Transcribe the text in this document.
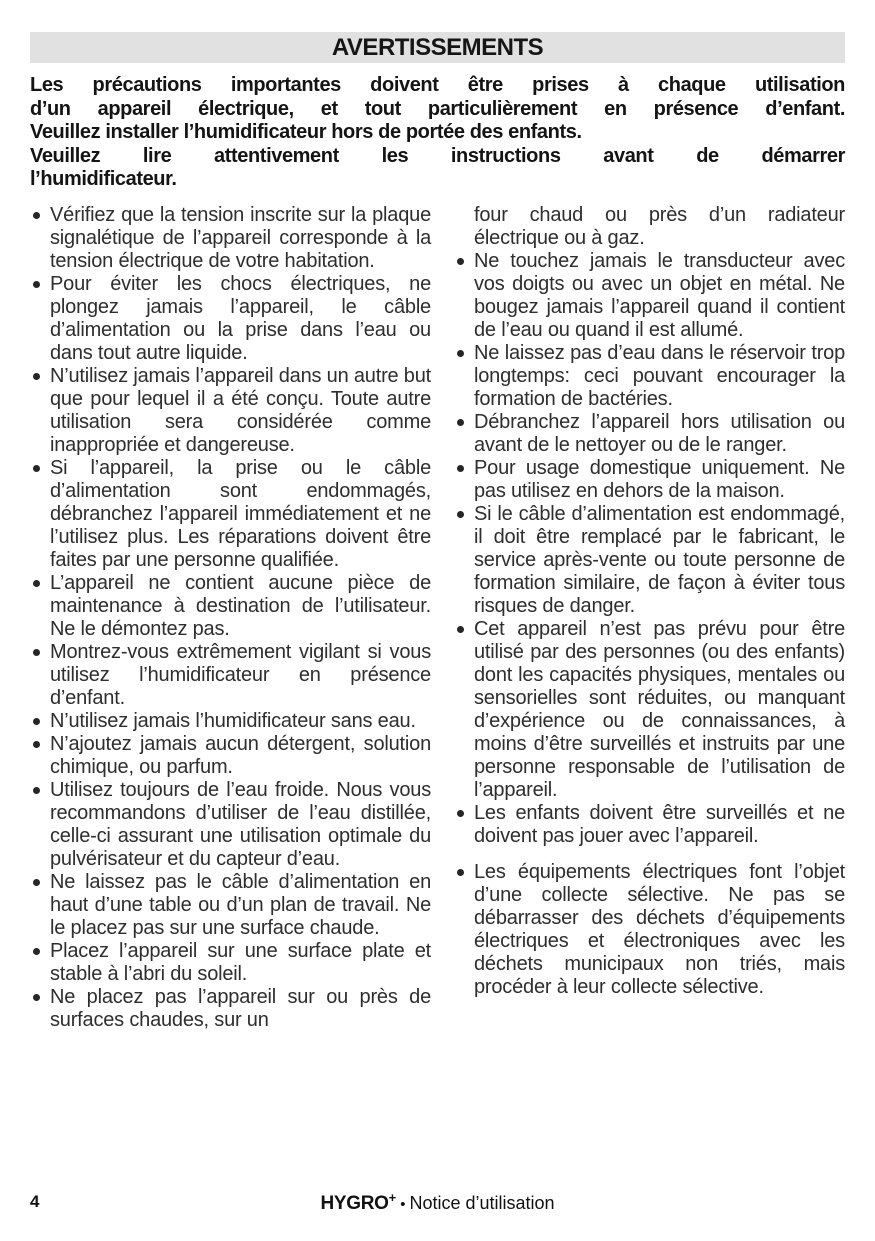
AVERTISSEMENTS
Les précautions importantes doivent être prises à chaque utilisation
d’un appareil électrique, et tout particulièrement en présence d’enfant.
Veuillez installer l’humidificateur hors de portée des enfants.
Veuillez lire attentivement les instructions avant de démarrer
l’humidificateur.
Vérifiez que la tension inscrite sur la plaque signalétique de l’appareil corresponde à la tension électrique de votre habitation.
Pour éviter les chocs électriques, ne plongez jamais l’appareil, le câble d’alimentation ou la prise dans l’eau ou dans tout autre liquide.
N’utilisez jamais l’appareil dans un autre but que pour lequel il a été conçu. Toute autre utilisation sera considérée comme inappropriée et dangereuse.
Si l’appareil, la prise ou le câble d’alimentation sont endommagés, débranchez l’appareil immédiatement et ne l’utilisez plus. Les réparations doivent être faites par une personne qualifiée.
L’appareil ne contient aucune pièce de maintenance à destination de l’utilisateur. Ne le démontez pas.
Montrez-vous extrêmement vigilant si vous utilisez l’humidificateur en présence d’enfant.
N’utilisez jamais l’humidificateur sans eau.
N’ajoutez jamais aucun détergent, solution chimique, ou parfum.
Utilisez toujours de l’eau froide. Nous vous recommandons d’utiliser de l’eau distillée, celle-ci assurant une utilisation optimale du pulvérisateur et du capteur d’eau.
Ne laissez pas le câble d’alimentation en haut d’une table ou d’un plan de travail. Ne le placez pas sur une surface chaude.
Placez l’appareil sur une surface plate et stable à l’abri du soleil.
Ne placez pas l’appareil sur ou près de surfaces chaudes, sur un
four chaud ou près d’un radiateur électrique ou à gaz.
Ne touchez jamais le transducteur avec vos doigts ou avec un objet en métal. Ne bougez jamais l’appareil quand il contient de l’eau ou quand il est allumé.
Ne laissez pas d’eau dans le réservoir trop longtemps: ceci pouvant encourager la formation de bactéries.
Débranchez l’appareil hors utilisation ou avant de le nettoyer ou de le ranger.
Pour usage domestique uniquement. Ne pas utilisez en dehors de la maison.
Si le câble d’alimentation est endommagé, il doit être remplacé par le fabricant, le service après-vente ou toute personne de formation similaire, de façon à éviter tous risques de danger.
Cet appareil n’est pas prévu pour être utilisé par des personnes (ou des enfants) dont les capacités physiques, mentales ou sensorielles sont réduites, ou manquant d’expérience ou de connaissances, à moins d’être surveillés et instruits par une personne responsable de l’utilisation de l’appareil.
Les enfants doivent être surveillés et ne doivent pas jouer avec l’appareil.
Les équipements électriques font l’objet d’une collecte sélective. Ne pas se débarrasser des déchets d’équipements électriques et électroniques avec les déchets municipaux non triés, mais procéder à leur collecte sélective.
4	HYGRO+ • Notice d’utilisation
